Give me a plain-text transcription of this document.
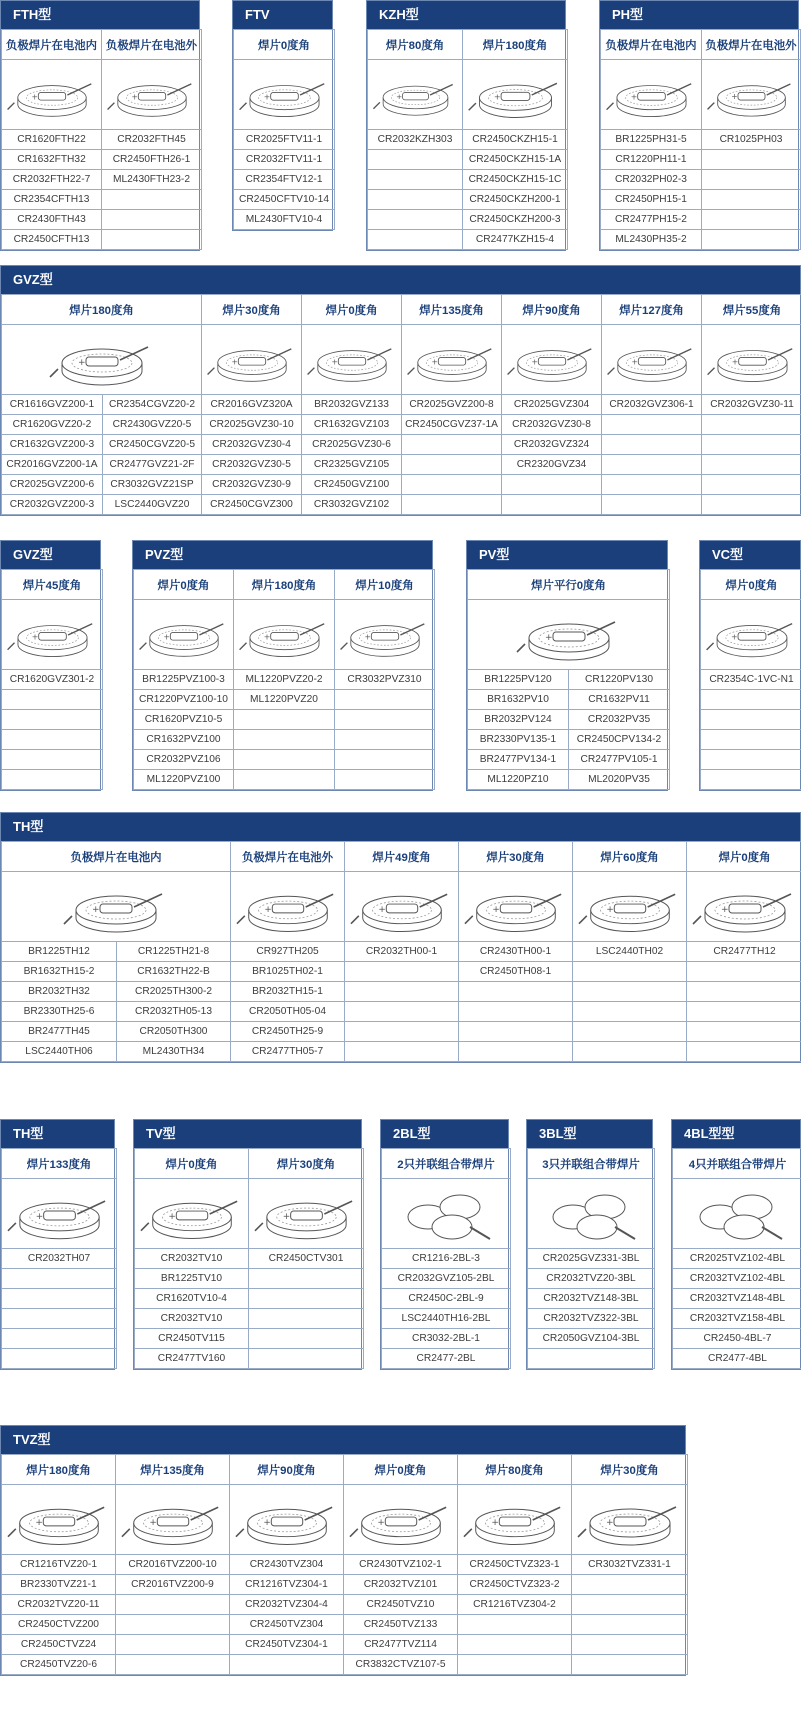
FTH型
负极焊片在电池内	负极焊片在电池外

+	+

CR1620FTH22	CR2032FTH45
CR1632FTH32	CR2450FTH26-1
CR2032FTH22-7	ML2430FTH23-2
CR2354CFTH13	
CR2430FTH43	
CR2450CFTH13	
FTV
焊片0度角

+

CR2025FTV11-1
CR2032FTV11-1
CR2354FTV12-1
CR2450CFTV10-14
ML2430FTV10-4
KZH型
焊片80度角	焊片180度角

+	+

CR2032KZH303	CR2450CKZH15-1
	CR2450CKZH15-1A
	CR2450CKZH15-1C
	CR2450CKZH200-1
	CR2450CKZH200-3
	CR2477KZH15-4
PH型
负极焊片在电池内	负极焊片在电池外

+	+

BR1225PH31-5	CR1025PH03
CR1220PH11-1	
CR2032PH02-3	
CR2450PH15-1	
CR2477PH15-2	
ML2430PH35-2	
GVZ型
焊片180度角		焊片30度角	焊片0度角	焊片135度角	焊片90度角	焊片127度角	焊片55度角

+		+	+	+	+	+	+

CR1616GVZ200-1	CR2354CGVZ20-2	CR2016GVZ320A	BR2032GVZ133	CR2025GVZ200-8	CR2025GVZ304	CR2032GVZ306-1	CR2032GVZ30-11
CR1620GVZ20-2	CR2430GVZ20-5	CR2025GVZ30-10	CR1632GVZ103	CR2450CGVZ37-1A	CR2032GVZ30-8		
CR1632GVZ200-3	CR2450CGVZ20-5	CR2032GVZ30-4	CR2025GVZ30-6		CR2032GVZ324		
CR2016GVZ200-1A	CR2477GVZ21-2F	CR2032GVZ30-5	CR2325GVZ105		CR2320GVZ34		
CR2025GVZ200-6	CR3032GVZ21SP	CR2032GVZ30-9	CR2450GVZ100				
CR2032GVZ200-3	LSC2440GVZ20	CR2450CGVZ300	CR3032GVZ102				
GVZ型
焊片45度角

+

CR1620GVZ301-2

PVZ型
焊片0度角	焊片180度角	焊片10度角

+	+	+

BR1225PVZ100-3	ML1220PVZ20-2	CR3032PVZ310
CR1220PVZ100-10	ML1220PVZ20	
CR1620PVZ10-5		
CR1632PVZ100		
CR2032PVZ106		
ML1220PVZ100		
PV型
焊片平行0度角	

+	

BR1225PV120	CR1220PV130
BR1632PV10	CR1632PV11
BR2032PV124	CR2032PV35
BR2330PV135-1	CR2450CPV134-2
BR2477PV134-1	CR2477PV105-1
ML1220PZ10	ML2020PV35
VC型
焊片0度角

+

CR2354C-1VC-N1

TH型
负极焊片在电池内		负极焊片在电池外	焊片49度角	焊片30度角	焊片60度角	焊片0度角

+		+	+	+	+	+

BR1225TH12	CR1225TH21-8	CR927TH205	CR2032TH00-1	CR2430TH00-1	LSC2440TH02	CR2477TH12
BR1632TH15-2	CR1632TH22-B	BR1025TH02-1		CR2450TH08-1		
BR2032TH32	CR2025TH300-2	BR2032TH15-1				
BR2330TH25-6	CR2032TH05-13	CR2050TH05-04				
BR2477TH45	CR2050TH300	CR2450TH25-9				
LSC2440TH06	ML2430TH34	CR2477TH05-7				
TH型
焊片133度角

+

CR2032TH07

TV型
焊片0度角	焊片30度角

+	+

CR2032TV10	CR2450CTV301
BR1225TV10	
CR1620TV10-4	
CR2032TV10	
CR2450TV115	
CR2477TV160	
2BL型
2只并联组合带焊片

CR1216-2BL-3
CR2032GVZ105-2BL
CR2450C-2BL-9
LSC2440TH16-2BL
CR3032-2BL-1
CR2477-2BL
3BL型
3只并联组合带焊片

CR2025GVZ331-3BL
CR2032TVZ20-3BL
CR2032TVZ148-3BL
CR2032TVZ322-3BL
CR2050GVZ104-3BL

4BL型型
4只并联组合带焊片

CR2025TVZ102-4BL
CR2032TVZ102-4BL
CR2032TVZ148-4BL
CR2032TVZ158-4BL
CR2450-4BL-7
CR2477-4BL
TVZ型
焊片180度角	焊片135度角	焊片90度角	焊片0度角	焊片80度角	焊片30度角

+	+	+	+	+	+

CR1216TVZ20-1	CR2016TVZ200-10	CR2430TVZ304	CR2430TVZ102-1	CR2450CTVZ323-1	CR3032TVZ331-1
BR2330TVZ21-1	CR2016TVZ200-9	CR1216TVZ304-1	CR2032TVZ101	CR2450CTVZ323-2	
CR2032TVZ20-11		CR2032TVZ304-4	CR2450TVZ10	CR1216TVZ304-2	
CR2450CTVZ200		CR2450TVZ304	CR2450TVZ133		
CR2450CTVZ24		CR2450TVZ304-1	CR2477TVZ114		
CR2450TVZ20-6			CR3832CTVZ107-5		
